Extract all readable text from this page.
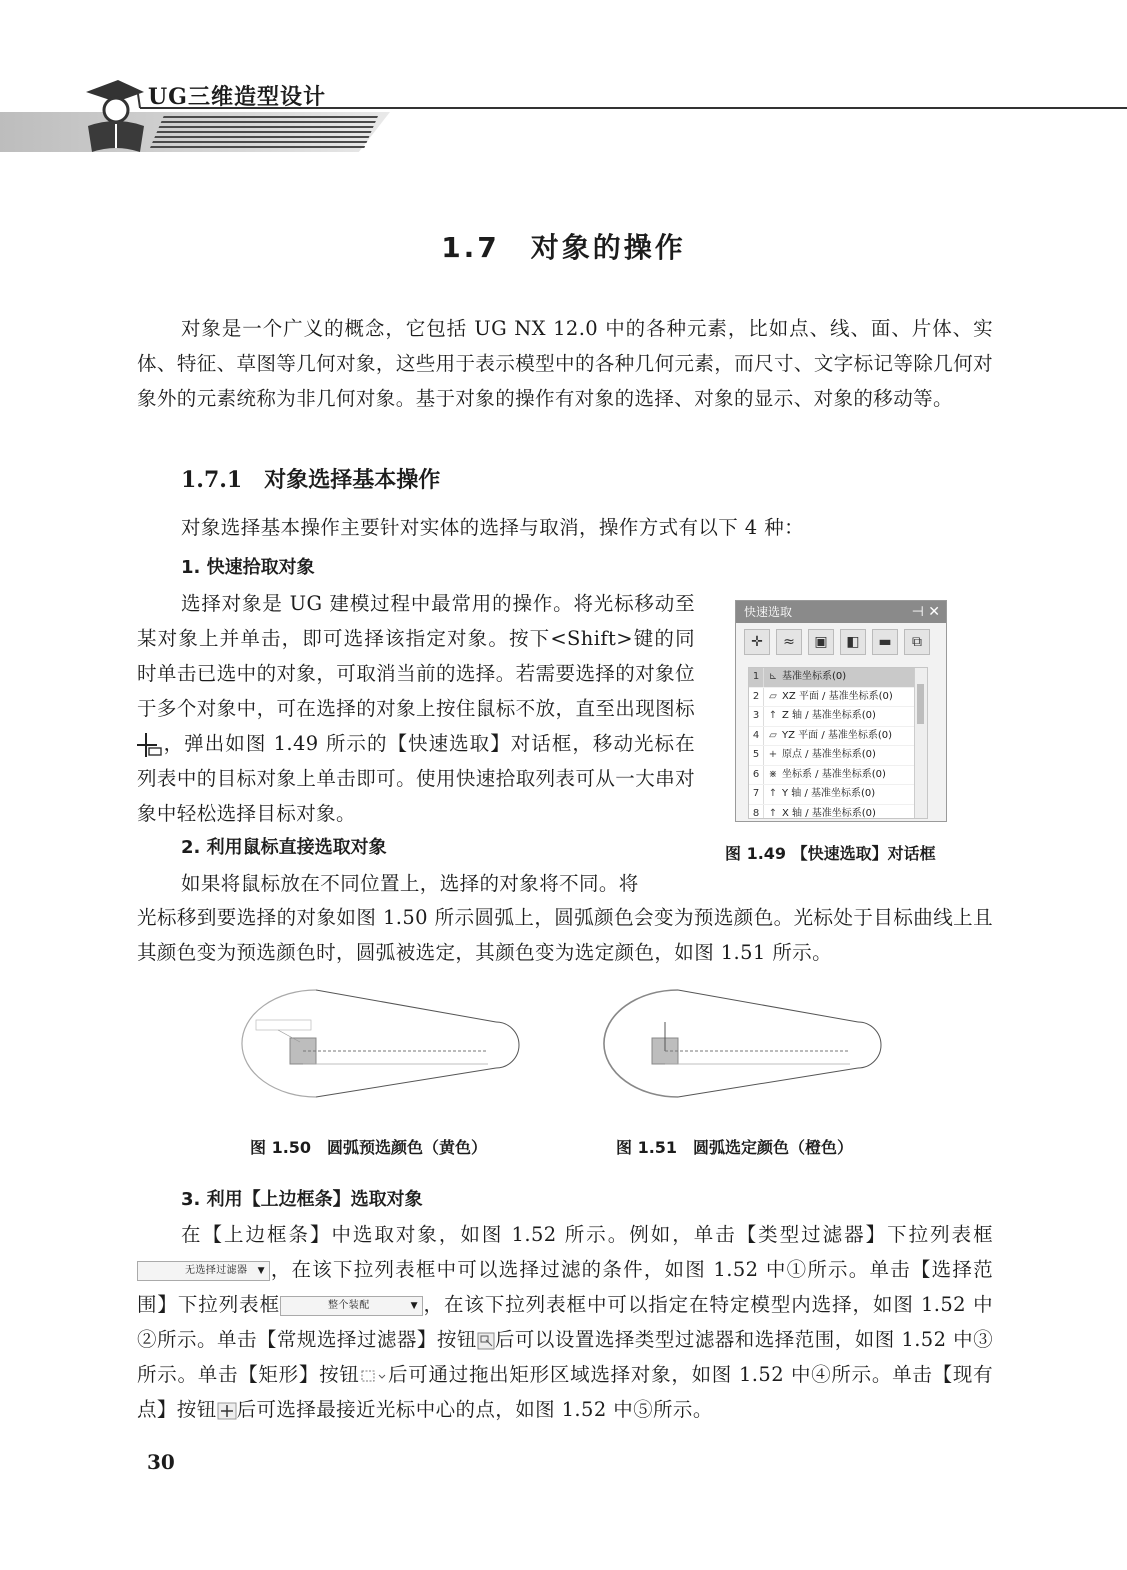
UG三维造型设计
1.7　对象的操作

对象是一个广义的概念，它包括 UG NX 12.0 中的各种元素，比如点、线、面、片体、实体、特征、草图等几何对象，这些用于表示模型中的各种几何元素，而尺寸、文字标记等除几何对象外的元素统称为非几何对象。基于对象的操作有对象的选择、对象的显示、对象的移动等。

1.7.1　对象选择基本操作

对象选择基本操作主要针对实体的选择与取消，操作方式有以下 4 种：

1. 快速拾取对象

选择对象是 UG 建模过程中最常用的操作。将光标移动至某对象上并单击，即可选择该指定对象。按下<Shift>键的同时单击已选中的对象，可取消当前的选择。若需要选择的对象位于多个对象中，可在选择的对象上按住鼠标不放，直至出现图标，弹出如图 1.49 所示的【快速选取】对话框，移动光标在列表中的目标对象上单击即可。使用快速拾取列表可从一大串对象中轻松选择目标对象。

快速选取	⊣ ✕
✛	≈	▣	◧	▬	⧉
1 ⊾ 基准坐标系(0)
2 ▱ XZ 平面 / 基准坐标系(0)
3 ↑ Z 轴 / 基准坐标系(0)
4 ▱ YZ 平面 / 基准坐标系(0)
5 + 原点 / 基准坐标系(0)
6 ⋇ 坐标系 / 基准坐标系(0)
7 ↑ Y 轴 / 基准坐标系(0)
8 ↑ X 轴 / 基准坐标系(0)
图 1.49 【快速选取】对话框
2. 利用鼠标直接选取对象

如果将鼠标放在不同位置上，选择的对象将不同。将

光标移到要选择的对象如图 1.50 所示圆弧上，圆弧颜色会变为预选颜色。光标处于目标曲线上且其颜色变为预选颜色时，圆弧被选定，其颜色变为选定颜色，如图 1.51 所示。

图 1.50　圆弧预选颜色（黄色）	图 1.51　圆弧选定颜色（橙色）
3. 利用【上边框条】选取对象

在【上边框条】中选取对象，如图 1.52 所示。例如，单击【类型过滤器】下拉列表框无选择过滤器	▼ ，在该下拉列表框中可以选择过滤的条件，如图 1.52 中①所示。单击【选择范围】下拉列表框	整个装配	▼ ，在该下拉列表框中可以指定在特定模型内选择，如图 1.52 中②所示。单击【常规选择过滤器】按钮 后可以设置选择类型过滤器和选择范围，如图 1.52 中③所示。单击【矩形】按钮 后可通过拖出矩形区域选择对象，如图 1.52 中④所示。单击【现有点】按钮 后可选择最接近光标中心的点，如图 1.52 中⑤所示。

30
